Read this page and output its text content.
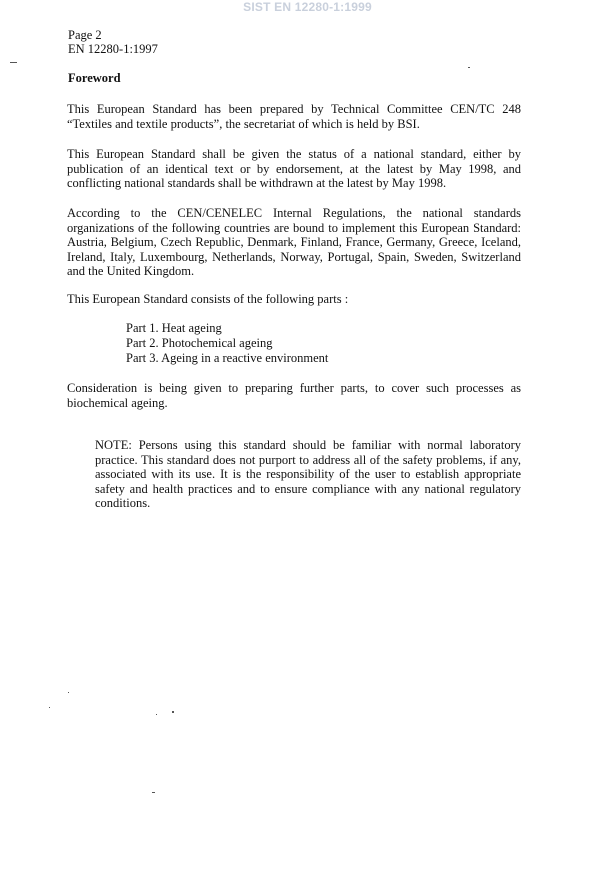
SIST EN 12280-1:1999
Page 2
EN 12280-1:1997
Foreword

This European Standard has been prepared by Technical Committee CEN/TC 248 “Textiles and textile products”, the secretariat of which is held by BSI.

This European Standard shall be given the status of a national standard, either by publication of an identical text or by endorsement, at the latest by May 1998, and conflicting national standards shall be withdrawn at the latest by May 1998.

According to the CEN/CENELEC Internal Regulations, the national standards organizations of the following countries are bound to implement this European Standard: Austria, Belgium, Czech Republic, Denmark, Finland, France, Germany, Greece, Iceland, Ireland, Italy, Luxembourg, Netherlands, Norway, Portugal, Spain, Sweden, Switzerland and the United Kingdom.

This European Standard consists of the following parts :

Part 1. Heat ageing
Part 2. Photochemical ageing
Part 3. Ageing in a reactive environment

Consideration is being given to preparing further parts, to cover such processes as biochemical ageing.

NOTE: Persons using this standard should be familiar with normal laboratory practice. This standard does not purport to address all of the safety problems, if any, associated with its use. It is the responsibility of the user to establish appropriate safety and health practices and to ensure compliance with any national regulatory conditions.
